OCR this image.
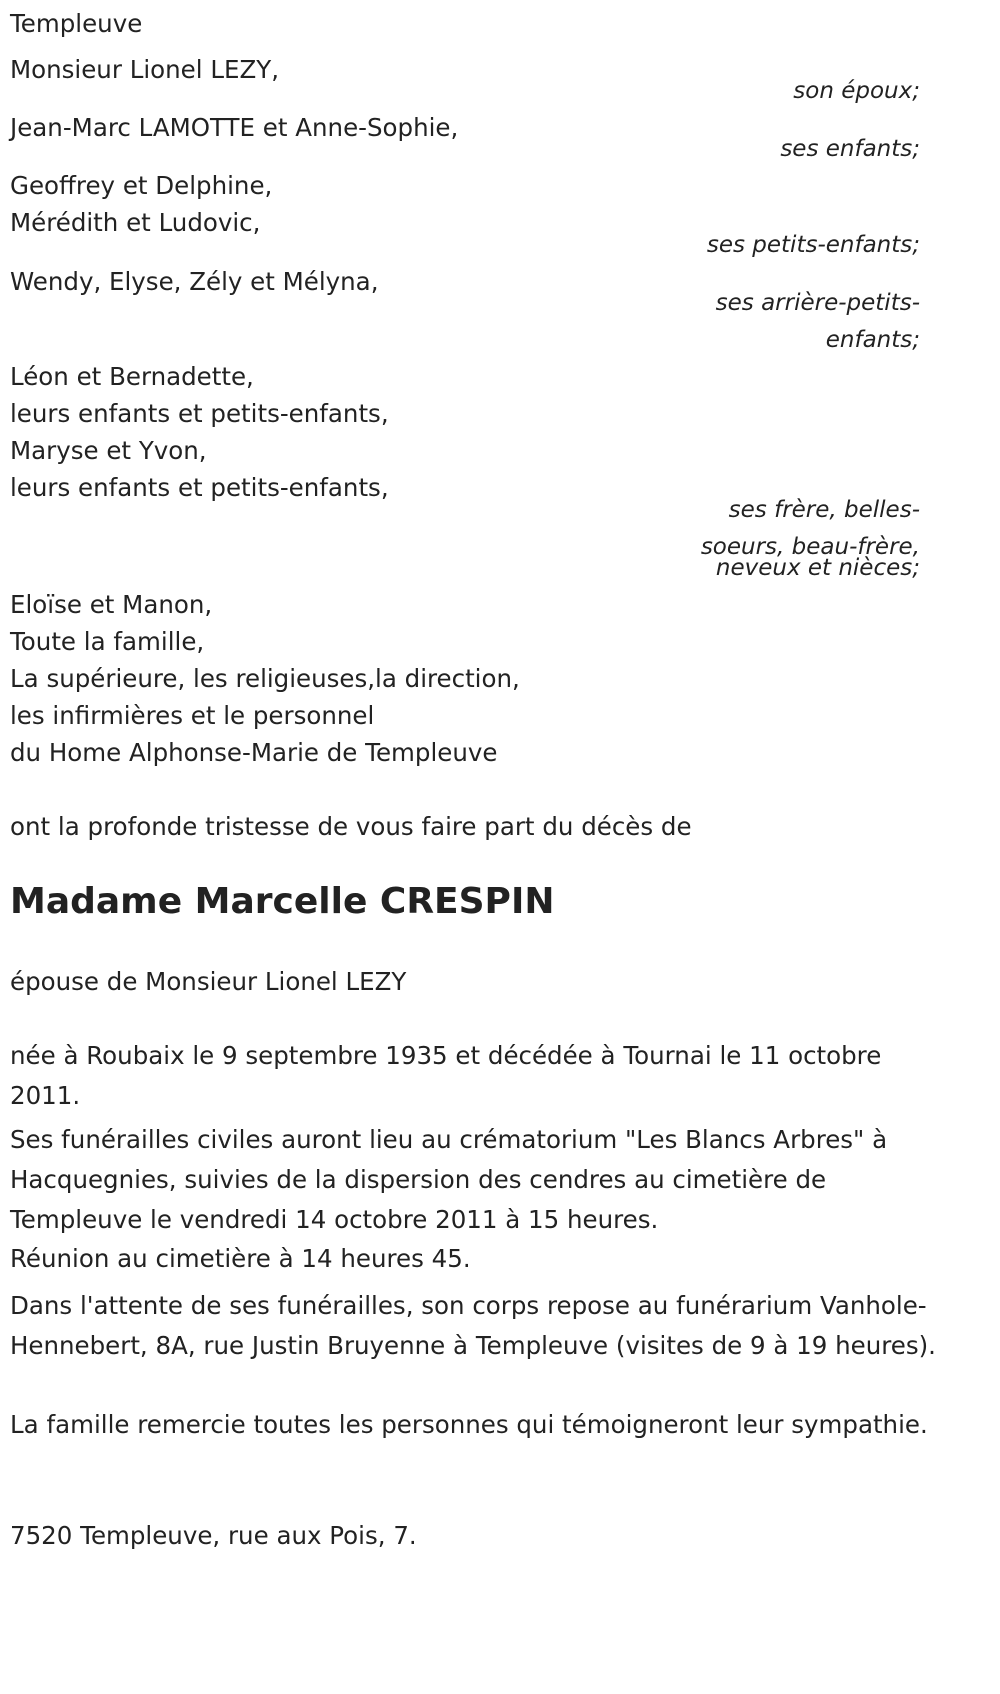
Templeuve
Monsieur Lionel LEZY,
son époux;
Jean-Marc LAMOTTE et Anne-Sophie,
ses enfants;
Geoffrey et Delphine,
Mérédith et Ludovic,
ses petits-enfants;
Wendy, Elyse, Zély et Mélyna,
ses arrière-petits-
enfants;
Léon et Bernadette,
leurs enfants et petits-enfants,
Maryse et Yvon,
leurs enfants et petits-enfants,
ses frère, belles-
soeurs, beau-frère,
neveux et nièces;
Eloïse et Manon,
Toute la famille,
La supérieure, les religieuses,la direction,
les infirmières et le personnel
du Home Alphonse-Marie de Templeuve
ont la profonde tristesse de vous faire part du décès de
Madame Marcelle CRESPIN
épouse de Monsieur Lionel LEZY
née à Roubaix le 9 septembre 1935 et décédée à Tournai le 11 octobre 2011.
Ses funérailles civiles auront lieu au crématorium "Les Blancs Arbres" à Hacquegnies, suivies de la dispersion des cendres au cimetière de Templeuve le vendredi 14 octobre 2011 à 15 heures.
Réunion au cimetière à 14 heures 45.
Dans l'attente de ses funérailles, son corps repose au funérarium Vanhole-Hennebert, 8A, rue Justin Bruyenne à Templeuve (visites de 9 à 19 heures).
La famille remercie toutes les personnes qui témoigneront leur sympathie.
7520 Templeuve, rue aux Pois, 7.
